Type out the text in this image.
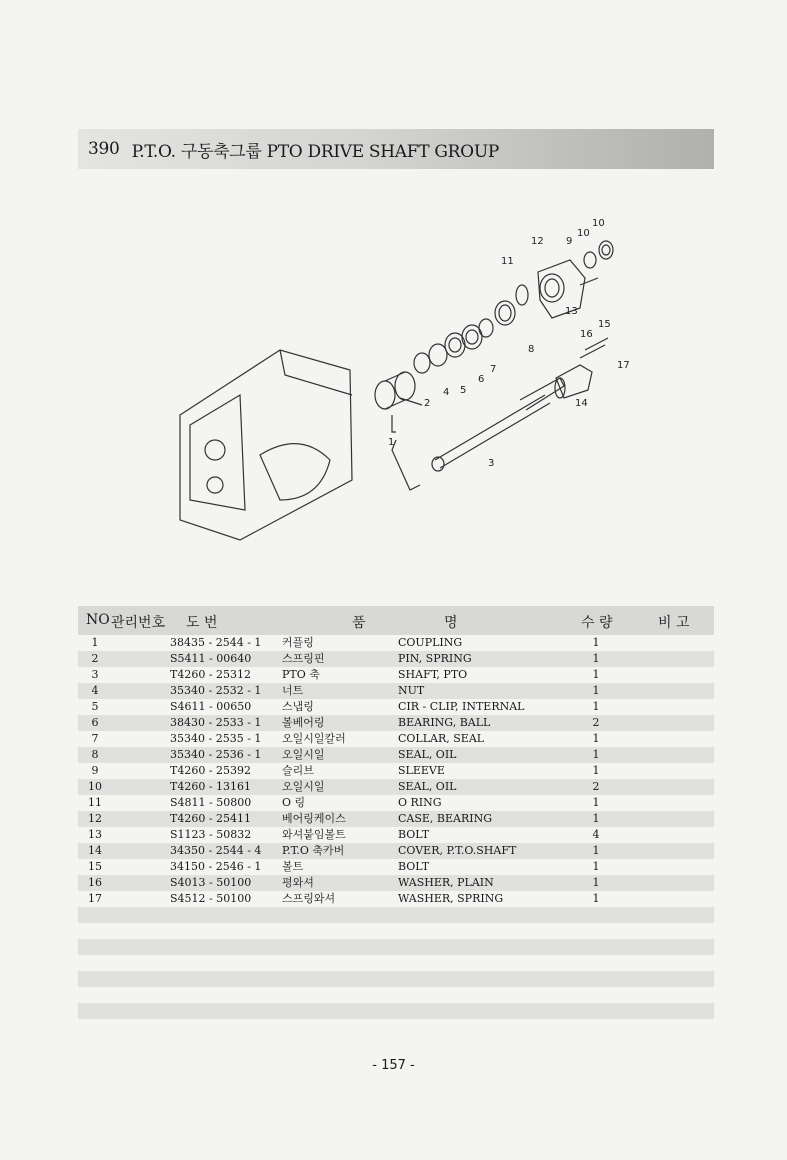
390 P.T.O. 구동축그룹 PTO DRIVE SHAFT GROUP
1
2
3
4 5
6
7
8
9
10
10
11
12
13
14
15
16
17
NO 관리번호 도 번	품	명	수 량	비 고
1	38435 - 2544 - 1 커플링	COUPLING	1
2	S5411 - 00640	스프링핀	PIN, SPRING	1
3	T4260 - 25312	PTO 축	SHAFT, PTO	1
4	35340 - 2532 - 1 너트	NUT	1
5	S4611 - 00650	스냅링	CIR - CLIP, INTERNAL	1
6	38430 - 2533 - 1 볼베어링	BEARING, BALL	2
7	35340 - 2535 - 1 오일시일칼러	COLLAR, SEAL	1
8	35340 - 2536 - 1 오일시일	SEAL, OIL	1
9	T4260 - 25392	슬리브	SLEEVE	1
10	T4260 - 13161	오일시일	SEAL, OIL	2
11	S4811 - 50800	O 링	O RING	1
12	T4260 - 25411	베어링케이스	CASE, BEARING	1
13	S1123 - 50832	와셔붙임볼트	BOLT	4
14	34350 - 2544 - 4 P.T.O 축카버	COVER, P.T.O.SHAFT	1
15	34150 - 2546 - 1 볼트	BOLT	1
16	S4013 - 50100	평와셔	WASHER, PLAIN	1
17	S4512 - 50100	스프링와셔	WASHER, SPRING	1
- 157 -
